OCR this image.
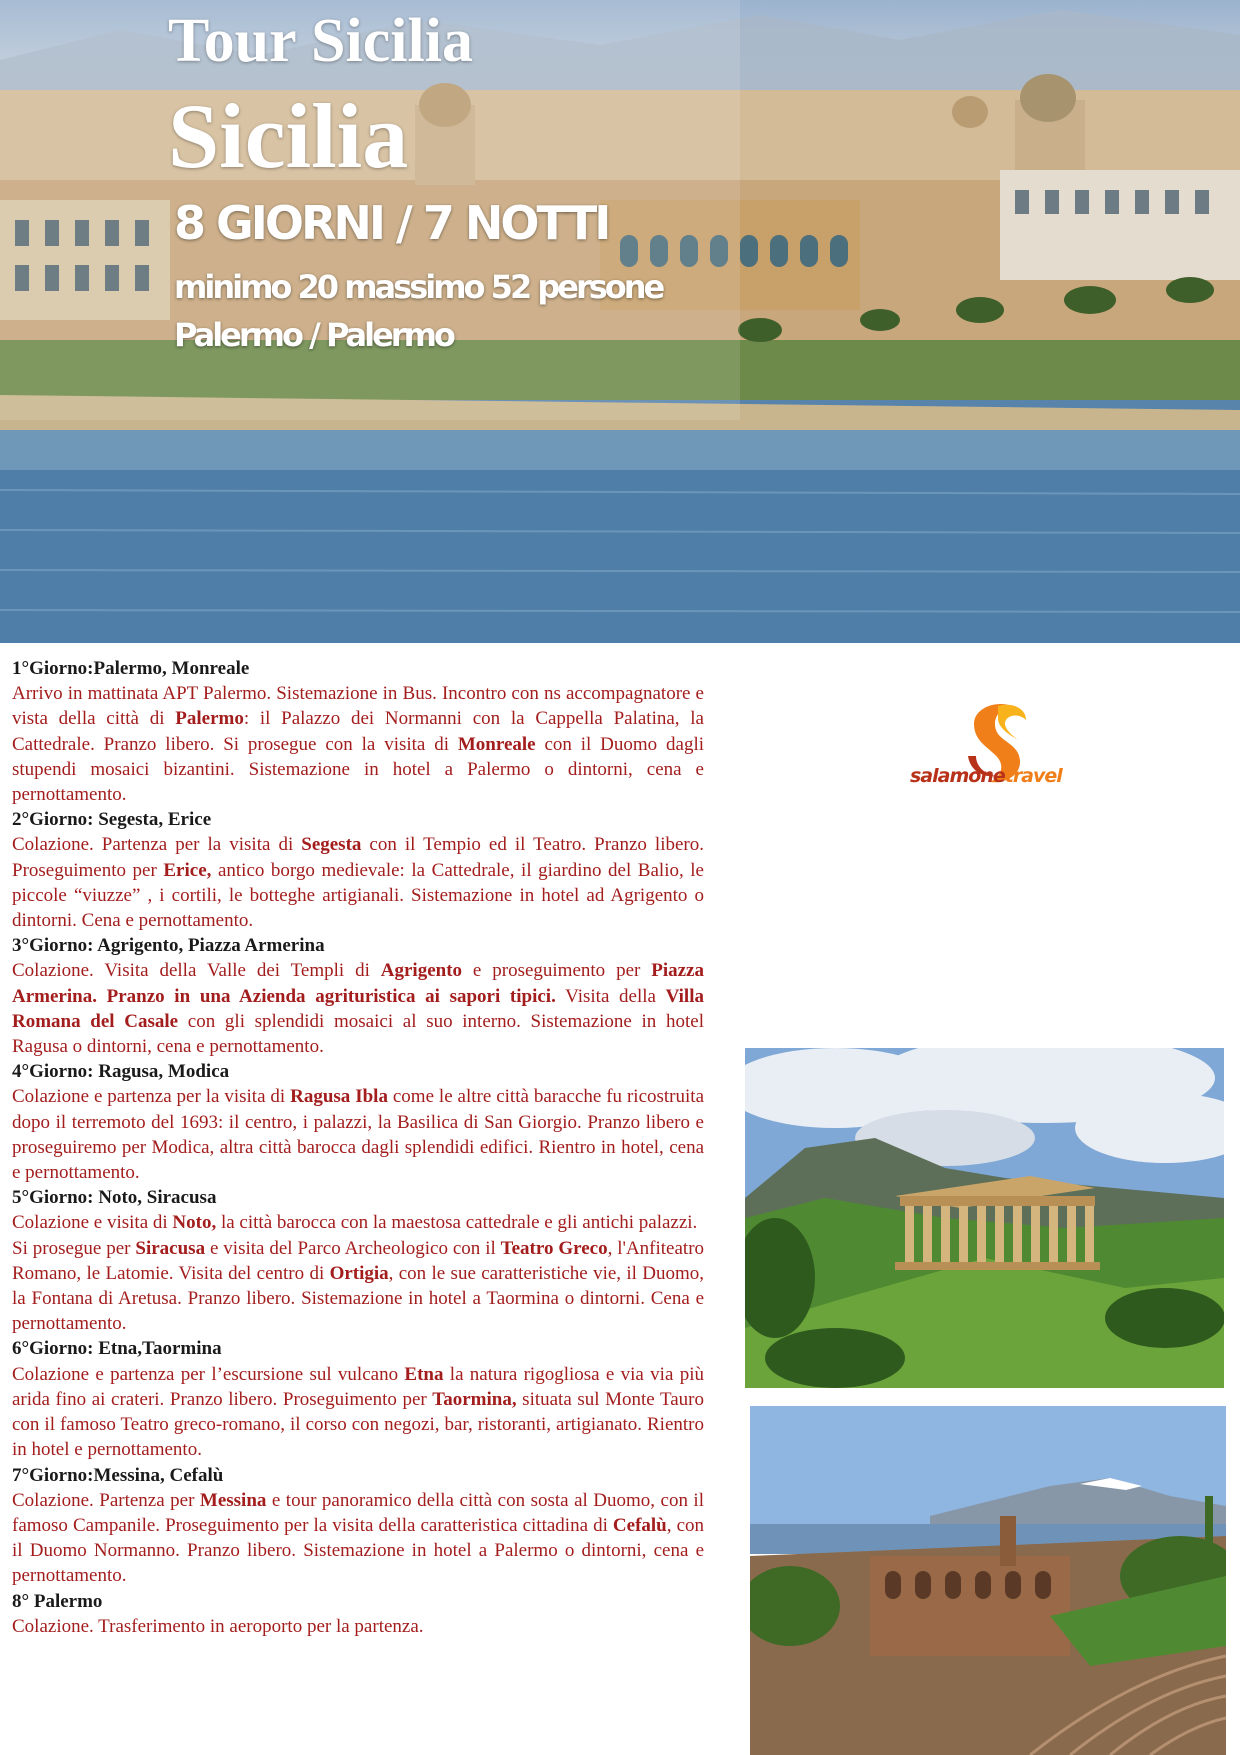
Tour Sicilia
Sicilia
8 GIORNI / 7 NOTTI
minimo 20 massimo 52 persone
Palermo / Palermo

1°Giorno:Palermo, Monreale

Arrivo in mattinata APT Palermo. Sistemazione in Bus. Incontro con ns accompagnatore e vista della città di Palermo: il Palazzo dei Normanni con la Cappella Palatina, la Cattedrale. Pranzo libero. Si prosegue con la visita di Monreale con il Duomo dagli stupendi mosaici bizantini. Sistemazione in hotel a Palermo o dintorni, cena e pernottamento.

2°Giorno: Segesta, Erice

Colazione. Partenza per la visita di Segesta con il Tempio ed il Teatro. Pranzo libero. Proseguimento per Erice, antico borgo medievale: la Cattedrale, il giardino del Balio, le piccole “viuzze” , i cortili, le botteghe artigianali. Sistemazione in hotel ad Agrigento o dintorni. Cena e pernottamento.

3°Giorno: Agrigento, Piazza Armerina

Colazione. Visita della Valle dei Templi di Agrigento e proseguimento per Piazza Armerina. Pranzo in una Azienda agrituristica ai sapori tipici. Visita della Villa Romana del Casale con gli splendidi mosaici al suo interno. Sistemazione in hotel Ragusa o dintorni, cena e pernottamento.

4°Giorno: Ragusa, Modica

Colazione e partenza per la visita di Ragusa Ibla come le altre città baracche fu ricostruita dopo il terremoto del 1693: il centro, i palazzi, la Basilica di San Giorgio. Pranzo libero e proseguiremo per Modica, altra città barocca dagli splendidi edifici. Rientro in hotel, cena e pernottamento.

5°Giorno: Noto, Siracusa

Colazione e visita di Noto, la città barocca con la maestosa cattedrale e gli antichi palazzi.
Si prosegue per Siracusa e visita del Parco Archeologico con il Teatro Greco, l'Anfiteatro Romano, le Latomie. Visita del centro di Ortigia, con le sue caratteristiche vie, il Duomo, la Fontana di Aretusa. Pranzo libero. Sistemazione in hotel a Taormina o dintorni. Cena e pernottamento.

6°Giorno: Etna,Taormina

Colazione e partenza per l’escursione sul vulcano Etna la natura rigogliosa e via via più arida fino ai crateri. Pranzo libero. Proseguimento per Taormina, situata sul Monte Tauro con il famoso Teatro greco-romano, il corso con negozi, bar, ristoranti, artigianato. Rientro in hotel e pernottamento.

7°Giorno:Messina, Cefalù

Colazione. Partenza per Messina e tour panoramico della città con sosta al Duomo, con il famoso Campanile. Proseguimento per la visita della caratteristica cittadina di Cefalù, con il Duomo Normanno. Pranzo libero. Sistemazione in hotel a Palermo o dintorni, cena e pernottamento.

8° Palermo

Colazione. Trasferimento in aeroporto per la partenza.

salamonetravel
